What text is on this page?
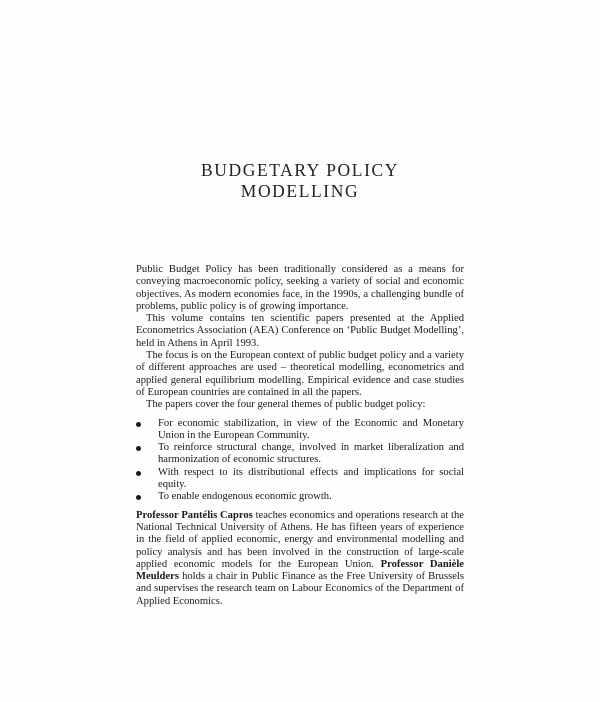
BUDGETARY POLICY
MODELLING

Public Budget Policy has been traditionally considered as a means for conveying macroeconomic policy, seeking a variety of social and economic objectives. As modern economies face, in the 1990s, a challenging bundle of problems, public policy is of growing importance.

This volume contains ten scientific papers presented at the Applied Econometrics Association (AEA) Conference on ‘Public Budget Modelling’, held in Athens in April 1993.

The focus is on the European context of public budget policy and a variety of different approaches are used – theoretical modelling, econometrics and applied general equilibrium modelling. Empirical evidence and case studies of European countries are contained in all the papers.

The papers cover the four general themes of public budget policy:

For economic stabilization, in view of the Economic and Monetary Union in the European Community.
To reinforce structural change, involved in market liberalization and harmonization of economic structures.
With respect to its distributional effects and implications for social equity.
To enable endogenous economic growth.

Professor Pantélis Capros teaches economics and operations research at the National Technical University of Athens. He has fifteen years of experience in the field of applied economic, energy and environmental modelling and policy analysis and has been involved in the construction of large-scale applied economic models for the European Union. Professor Danièle Meulders holds a chair in Public Finance as the Free University of Brussels and supervises the research team on Labour Economics of the Department of Applied Economics.
